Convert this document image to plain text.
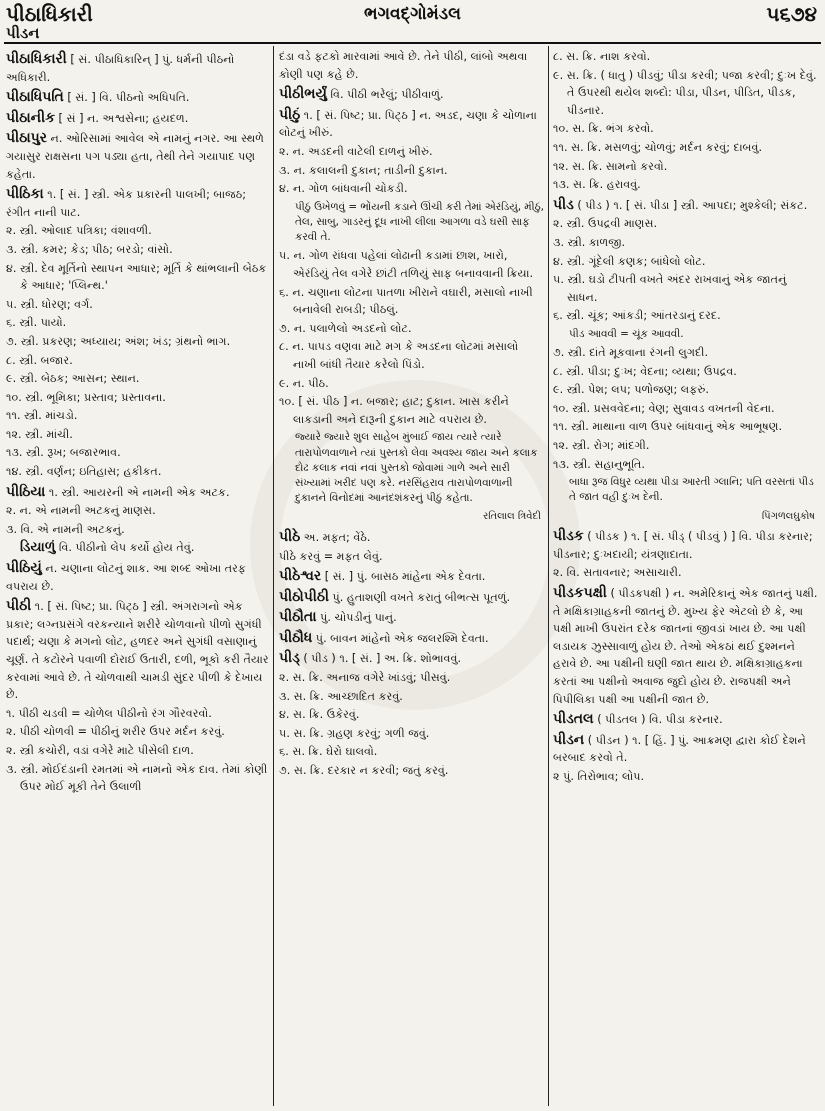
પીઠાધિકારી
પીડન
ભગવદ્ગોમંડલ	૫૬૭૪
પીઠાધિકારી [ સં. પીઠાધિકારિન્ ] પું. ધર્મની પીઠનો અધિકારી.
પીઠાધિપતિ [ સં. ] વિ. પીઠનો અધિપતિ.
પીઠાનીક [ સં ] ન. અશ્વસેના; હયદળ.
પીઠાપુર ન. ઓરિસામાં આવેલ એ નામનું નગર. આ સ્થળે ગયાસુર રાક્ષસના પગ પડ્યા હતા, તેથી તેને ગયાપાદ પણ કહેતા.
પીઠિકા ૧. [ સં. ] સ્ત્રી. એક પ્રકારની પાલખી; બાજઠ; રંગીત નાની પાટ.
૨. સ્ત્રી. ઓલાદ પત્રિકા; વંશાવળી.
૩. સ્ત્રી. કમર; કેડ; પીઠ; બરડો; વાંસો.
૪. સ્ત્રી. દેવ મૂર્તિનો સ્થાપન આધાર; મૂર્તિ કે થાંભલાની બેઠક કે આધાર; 'પ્લિન્થ.'
૫. સ્ત્રી. ધોરણ; વર્ગ.
૬. સ્ત્રી. પાયો.
૭. સ્ત્રી. પ્રકરણ; અધ્યાય; અંશ; ખંડ; ગ્રંથનો ભાગ.
૮. સ્ત્રી. બજાર.
૯. સ્ત્રી. બેઠક; આસન; સ્થાન.
૧૦. સ્ત્રી. ભૂમિકા; પ્રસ્તાવ; પ્રસ્તાવના.
૧૧. સ્ત્રી. માંચડો.
૧૨. સ્ત્રી. માંચી.
૧૩. સ્ત્રી. રૂખ; બજારભાવ.
૧૪. સ્ત્રી. વર્ણન; ઇતિહાસ; હકીકત.
પીઠિયા ૧. સ્ત્રી. આયરની એ નામની એક અટક.
૨. ન. એ નામની અટકનું માણસ.
૩. વિ. એ નામની અટકનું.
ડિયાળું વિ. પીઠીનો લેપ કર્યો હોય તેવું.
પીઠિયું ન. ચણાના લોટનું શાક. આ શબ્દ ઓખા તરફ વપરાય છે.
પીઠી ૧. [ સં. પિષ્ટ; પ્રા. પિટ્ઠ ] સ્ત્રી. અંગરાગનો એક પ્રકાર; લગ્નપ્રસંગે વરકન્યાને શરીરે ચોળવાનો પીળો સુગંધી પદાર્થ; ચણા કે મગનો લોટ, હળદર અને સુગંધી વસાણાનું ચૂર્ણ. તે કટોરને પવાળી દોરાઈ ઉતારી, દળી, ભૂકો કરી તૈયાર કરવામાં આવે છે. તે ચોળવાથી ચામડી સુંદર પીળી કે દેખાય છે.
૧. પીઠી ચડવી = ચોળેલ પીઠીનો રંગ ગૌરવરવો.
૨. પીઠી ચોળવી = પીઠીનું શરીર ઉપર મર્દન કરવું.
૨. સ્ત્રી કચોરી, વડાં વગેરે માટે પીસેલી દાળ.
૩. સ્ત્રી. મોઈદંડાની રમતમાં એ નામનો એક દાવ. તેમાં કોણી ઉપર મોઈ મૂકી તેને ઉલાળી
દંડા વડે ફટકો મારવામાં આવે છે. તેને પીઠી, લાંબો અથવા કોણી પણ કહે છે.
પીઠીભર્યું વિ. પીઠી ભરેલું; પીઠીવાળું.
પીઠું ૧. [ સં. પિષ્ટ; પ્રા. પિટ્ઠ ] ન. અડદ, ચણા કે ચોળાના લોટનું ખીરું.
૨. ન. અડદની વાટેલી દાળનું ખીરું.
૩. ન. કલાલની દુકાન; તાડીની દુકાન.
૪. ન. ગોળ બાંધવાની ચોકડી.
પીઠું ઉખેળવું = ભોંયની કડાને ઊંચી કરી તેમાં એરંડિયું, મીઠું, તેલ, સાબુ, ગાડરનું દૂધ નાખી લીલા આગળા વડે ઘસી સાફ કરવી તે.
૫. ન. ગોળ રાંધવા પહેલાં લોઢાની કડામાં છાશ, ખારો, એરંડિયું તેલ વગેરે છાંટી તળિયું સાફ બનાવવાની ક્રિયા.
૬. ન. ચણાના લોટના પાતળા ખીરાને વઘારી, મસાલો નાખી બનાવેલી રાબડી; પીઠલું.
૭. ન. પલાળેલો અડદનો લોટ.
૮. ન. પાપડ વણવા માટે મગ કે અડદના લોટમાં મસાલો નાખી બાંધી તૈયાર કરેલો પિંડો.
૯. ન. પીઠ.
૧૦. [ સં. પીઠ ] ન. બજાર; હાટ; દુકાન. ખાસ કરીને લાકડાની અને દારૂની દુકાન માટે વપરાય છે.
જ્યારે જ્યારે શુલ સાહેબ મુંબાઈ જાય ત્યારે ત્યારે તારાપોળવાળાને ત્યાં પુસ્તકો લેવા અવશ્ય જાય અને કલાક દોઢ કલાક નવાં નવાં પુસ્તકો જોવામાં ગાળે અને સારી સંખ્યામાં ખરીદ પણ કરે. નરસિંહરાવ તારાપોળવાળાની દુકાનને વિનોદમાં આનંદશંકરનું પીઠું કહેતા.
રતિલાલ ત્રિવેદી
પીઠે અ. મફત; વેંઠે.
પીઠે કરવું = મફત લેવું.
પીઠેશ્વર [ સં. ] પું. બાસઠ માંહેના એક દેવતા.
પીઠોપીઠી પું. હુતાશણી વખતે કરાતું બીભત્સ પૂતળું.
પીઠૌતા પું. ચોપડીનું પાનું.
પીઠૌધ પું. બાવન માંહેનો એક જલરશ્મિ દેવતા.
પીડ્ ( પીડ ) ૧. [ સં. ] અ. ક્રિ. શોભાવવું.
૨. સ. ક્રિ. અનાજ વગેરે ખાંડવું; પીસવું.
૩. સ. ક્રિ. આચ્છાદિત કરવું.
૪. સ. ક્રિ. ઉકેરવું.
૫. સ. ક્રિ. ગ્રહણ કરવું; ગળી જવું.
૬. સ. ક્રિ. ઘેરો ઘાલવો.
૭. સ. ક્રિ. દરકાર ન કરવી; જતું કરવું.
૮. સ. ક્રિ. નાશ કરવો.
૯. સ. ક્રિ. ( ધાતુ ) પીડવું; પીડા કરવી; પજા કરવી; દુઃખ દેવું. તે ઉપરથી થયેલ શબ્દો: પીડા, પીડન, પીડિત, પીડક, પીડનાર.
૧૦. સ. ક્રિ. ભંગ કરવો.
૧૧. સ. ક્રિ. મસળવું; ચોળવું; મર્દન કરવું; દાબવું.
૧૨. સ. ક્રિ. સામનો કરવો.
૧૩. સ. ક્રિ. હરાવવું.
પીડ ( પીડ ) ૧. [ સં. પીડા ] સ્ત્રી. આપદા; મુશ્કેલી; સંકટ.
૨. સ્ત્રી. ઉપદ્રવી માણસ.
૩. સ્ત્રી. કાળજી.
૪. સ્ત્રી. ગૂંદેલી કણક; બાંધેલો લોટ.
૫. સ્ત્રી. ઘડો ટીપતી વખતે અંદર રાખવાનું એક જાતનું સાધન.
૬. સ્ત્રી. ચૂંક; આંકડી; આંતરડાનું દરદ.
પીડ આવવી = ચૂંક આવવી.
૭. સ્ત્રી. દાંતે મૂકવાના રંગની લુગદી.
૮. સ્ત્રી. પીડા; દુઃખ; વેદના; વ્યથા; ઉપદ્રવ.
૯. સ્ત્રી. પેશ; લપ; પળોજણ; લફરું.
૧૦. સ્ત્રી. પ્રસવવેદના; વેણ; સુવાવડ વખતની વેદના.
૧૧. સ્ત્રી. માથાના વાળ ઉપર બાંધવાનું એક આભૂષણ.
૧૨. સ્ત્રી. રોગ; માંદગી.
૧૩. સ્ત્રી. સહાનુભૂતિ.
બાધા રૂજ વિધુર વ્યથા પીડા આરતી ગ્લાનિ; પતિ વરસતાં પીડ તે જાત વહી દુઃખ દેની.
પિંગળલઘુકોષ
પીડક ( પીડક ) ૧. [ સં. પીડ્ ( પીડવું ) ] વિ. પીડા કરનાર; પીડનાર; દુઃખદાયી; યંત્રણાદાતા.
૨. વિ. સતાવનાર; અસાચારી.
પીડકપક્ષી ( પીડકપક્ષી ) ન. અમેરિકાનું એક જાતનું પક્ષી. તે મક્ષિકાગ્રાહકની જાતનું છે. મુખ્ય ફેર એટલો છે કે, આ પક્ષી માખી ઉપરાંત દરેક જાતનાં જીવડાં ખાય છે. આ પક્ષી લડાયક ઝુસ્સાવાળું હોય છે. તેઓ એકઠાં થઈ દુશ્મનને હરાવે છે. આ પક્ષીની ઘણી જાત થાય છે. મક્ષિકાગ્રાહકના કરતાં આ પક્ષીનો અવાજ જુદો હોય છે. રાજપક્ષી અને પિપીલિકા પક્ષી આ પક્ષીની જાત છે.
પીડતલ ( પીડતલ ) વિ. પીડા કરનાર.
પીડન ( પીડન ) ૧. [ હિં. ] પું. આક્રમણ દ્વારા કોઈ દેશને બરબાદ કરવો તે.
૨ પું. તિરોભાવ; લોપ.
